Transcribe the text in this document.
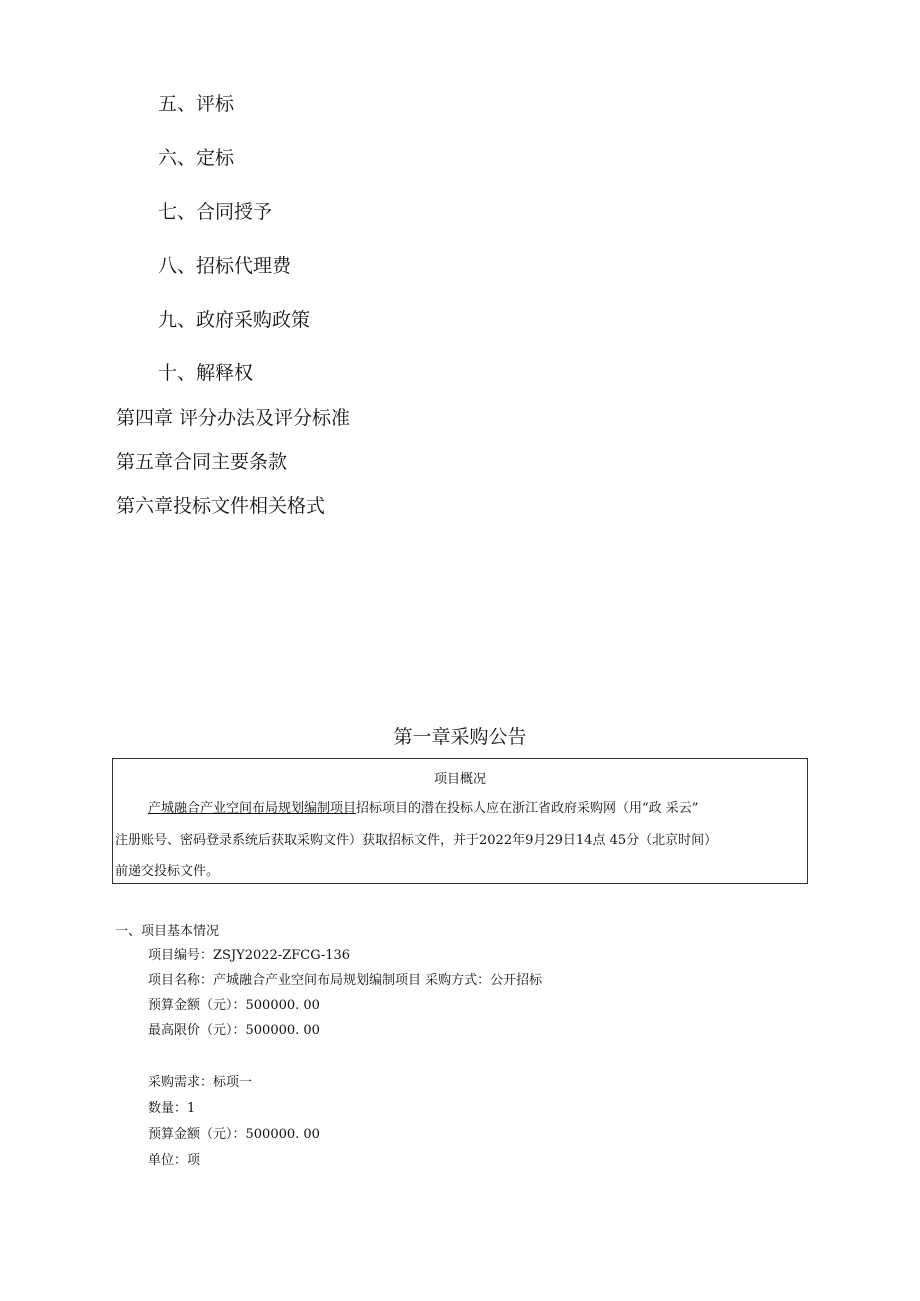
五、评标
六、定标
七、合同授予
八、招标代理费
九、政府采购政策
十、解释权
第四章 评分办法及评分标准
第五章合同主要条款
第六章投标文件相关格式
第一章采购公告
项目概况
产城融合产业空间布局规划编制项目招标项目的潜在投标人应在浙江省政府采购网（用“政 采云”
注册账号、密码登录系统后获取采购文件）获取招标文件，并于2022年9月29日14点 45分（北京时间）
前递交投标文件。
一、项目基本情况
项目编号：ZSJY2022-ZFCG-136
项目名称：产城融合产业空间布局规划编制项目 采购方式：公开招标
预算金额（元）：500000. 00
最高限价（元）：500000. 00
采购需求：标项一
数量：1
预算金额（元）：500000. 00
单位：项
